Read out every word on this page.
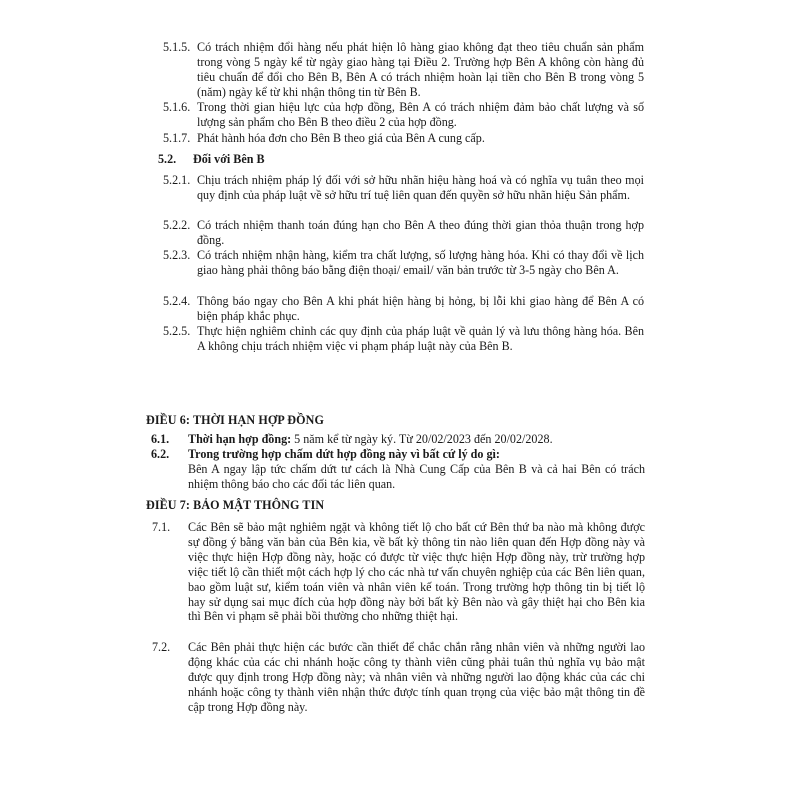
5.1.5. Có trách nhiệm đổi hàng nếu phát hiện lô hàng giao không đạt theo tiêu chuẩn sản phẩm trong vòng 5 ngày kể từ ngày giao hàng tại Điều 2. Trường hợp Bên A không còn hàng đủ tiêu chuẩn để đổi cho Bên B, Bên A có trách nhiệm hoàn lại tiền cho Bên B trong vòng 5 (năm) ngày kể từ khi nhận thông tin từ Bên B.
5.1.6. Trong thời gian hiệu lực của hợp đồng, Bên A có trách nhiệm đảm bảo chất lượng và số lượng sản phẩm cho Bên B theo điều 2 của hợp đồng.
5.1.7. Phát hành hóa đơn cho Bên B theo giá của Bên A cung cấp.
5.2. Đối với Bên B
5.2.1. Chịu trách nhiệm pháp lý đối với sở hữu nhãn hiệu hàng hoá và có nghĩa vụ tuân theo mọi quy định của pháp luật về sở hữu trí tuệ liên quan đến quyền sở hữu nhãn hiệu Sản phẩm.
5.2.2. Có trách nhiệm thanh toán đúng hạn cho Bên A theo đúng thời gian thỏa thuận trong hợp đồng.
5.2.3. Có trách nhiệm nhận hàng, kiểm tra chất lượng, số lượng hàng hóa. Khi có thay đổi về lịch giao hàng phải thông báo bằng điện thoại/ email/ văn bản trước từ 3-5 ngày cho Bên A.
5.2.4. Thông báo ngay cho Bên A khi phát hiện hàng bị hỏng, bị lỗi khi giao hàng để Bên A có biện pháp khắc phục.
5.2.5. Thực hiện nghiêm chỉnh các quy định của pháp luật về quản lý và lưu thông hàng hóa. Bên A không chịu trách nhiệm việc vi phạm pháp luật này của Bên B.
ĐIỀU 6: THỜI HẠN HỢP ĐỒNG
6.1. Thời hạn hợp đồng: 5 năm kể từ ngày ký. Từ 20/02/2023 đến 20/02/2028.
6.2. Trong trường hợp chấm dứt hợp đồng này vì bất cứ lý do gì:
Bên A ngay lập tức chấm dứt tư cách là Nhà Cung Cấp của Bên B và cả hai Bên có trách nhiệm thông báo cho các đối tác liên quan.
ĐIỀU 7: BẢO MẬT THÔNG TIN
7.1. Các Bên sẽ bảo mật nghiêm ngặt và không tiết lộ cho bất cứ Bên thứ ba nào mà không được sự đồng ý bằng văn bản của Bên kia, về bất kỳ thông tin nào liên quan đến Hợp đồng này và việc thực hiện Hợp đồng này, hoặc có được từ việc thực hiện Hợp đồng này, trừ trường hợp việc tiết lộ cần thiết một cách hợp lý cho các nhà tư vấn chuyên nghiệp của các Bên liên quan, bao gồm luật sư, kiểm toán viên và nhân viên kế toán. Trong trường hợp thông tin bị tiết lộ hay sử dụng sai mục đích của hợp đồng này bởi bất kỳ Bên nào và gây thiệt hại cho Bên kia thì Bên vi phạm sẽ phải bồi thường cho những thiệt hại.
7.2. Các Bên phải thực hiện các bước cần thiết để chắc chắn rằng nhân viên và những người lao động khác của các chi nhánh hoặc công ty thành viên cũng phải tuân thủ nghĩa vụ bảo mật được quy định trong Hợp đồng này; và nhân viên và những người lao động khác của các chi nhánh hoặc công ty thành viên nhận thức được tính quan trọng của việc bảo mật thông tin đề cập trong Hợp đồng này.
